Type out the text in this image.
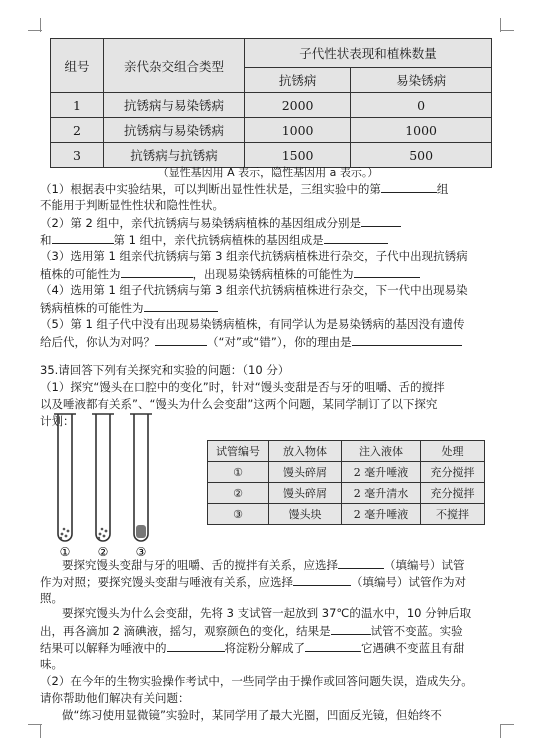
组号	亲代杂交组合类型	子代性状表现和植株数量	
		抗锈病	易染锈病
1	抗锈病与易染锈病	2000	0
2	抗锈病与易染锈病	1000	1000
3	抗锈病与抗锈病	1500	500
（显性基因用 A 表示，隐性基因用 a 表示。）
（1）根据表中实验结果，可以判断出显性性状是，三组实验中的第	组
不能用于判断显性性状和隐性性状。
（2）第 2 组中，亲代抗锈病与易染锈病植株的基因组成分别是
和	第 1 组中，亲代抗锈病植株的基因组成是
（3）选用第 1 组亲代抗锈病与第 3 组亲代抗锈病植株进行杂交，子代中出现抗锈病
植株的可能性为	，出现易染锈病植株的可能性为
（4）选用第 1 组子代抗锈病与第 3 组亲代抗锈病植株进行杂交，下一代中出现易染
锈病植株的可能性为
（5）第 1 组子代中没有出现易染锈病植株，有同学认为是易染锈病的基因没有遗传
给后代，你认为对吗？	（“对”或“错”），你的理由是
35.请回答下列有关探究和实验的问题：（10 分）
（1）探究“馒头在口腔中的变化”时，针对“馒头变甜是否与牙的咀嚼、舌的搅拌
以及唾液都有关系”、“馒头为什么会变甜”这两个问题，某同学制订了以下探究
计划：
① ② ③
试管编号	放入物体	注入液体	处理
①	馒头碎屑	2 毫升唾液	充分搅拌
②	馒头碎屑	2 毫升清水	充分搅拌
③	馒头块	2 毫升唾液	不搅拌
要探究馒头变甜与牙的咀嚼、舌的搅拌有关系，应选择	（填编号）试管
作为对照；要探究馒头变甜与唾液有关系，应选择	（填编号）试管作为对
照。
要探究馒头为什么会变甜，先将 3 支试管一起放到 37℃的温水中，10 分钟后取
出，再各滴加 2 滴碘液，摇匀，观察颜色的变化，结果是	试管不变蓝。实验
结果可以解释为唾液中的	将淀粉分解成了	它遇碘不变蓝且有甜
味。
（2）在今年的生物实验操作考试中，一些同学由于操作或回答问题失误，造成失分。
请你帮助他们解决有关问题：
做“练习使用显微镜”实验时，某同学用了最大光圈，凹面反光镜，但始终不
